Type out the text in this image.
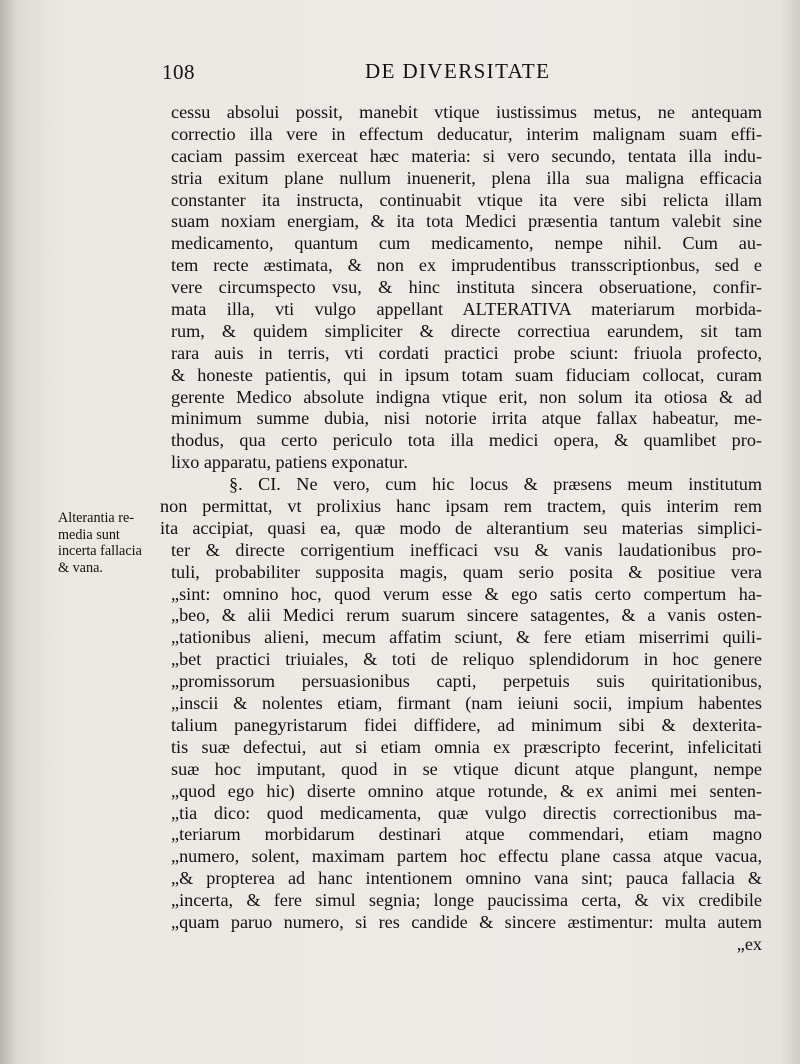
108	DE DIVERSITATE
Alterantia re-
media sunt
incerta fallacia
& vana.
cessu absolui possit, manebit vtique iustissimus metus, ne antequam
correctio illa vere in effectum deducatur, interim malignam suam effi-
caciam passim exerceat hæc materia: si vero secundo, tentata illa indu-
stria exitum plane nullum inuenerit, plena illa sua maligna efficacia
constanter ita instructa, continuabit vtique ita vere sibi relicta illam
suam noxiam energiam, & ita tota Medici præsentia tantum valebit sine
medicamento, quantum cum medicamento, nempe nihil. Cum au-
tem recte æstimata, & non ex imprudentibus transscriptionbus, sed e
vere circumspecto vsu, & hinc instituta sincera obseruatione, confir-
mata illa, vti vulgo appellant ALTERATIVA materiarum morbida-
rum, & quidem simpliciter & directe correctiua earundem, sit tam
rara auis in terris, vti cordati practici probe sciunt: friuola profecto,
& honeste patientis, qui in ipsum totam suam fiduciam collocat, curam
gerente Medico absolute indigna vtique erit, non solum ita otiosa & ad
minimum summe dubia, nisi notorie irrita atque fallax habeatur, me-
thodus, qua certo periculo tota illa medici opera, & quamlibet pro-
lixo apparatu, patiens exponatur.
§. CI. Ne vero, cum hic locus & præsens meum institutum
non permittat, vt prolixius hanc ipsam rem tractem, quis interim rem
ita accipiat, quasi ea, quæ modo de alterantium seu materias simplici-
ter & directe corrigentium inefficaci vsu & vanis laudationibus pro-
tuli, probabiliter supposita magis, quam serio posita & positiue vera
„sint: omnino hoc, quod verum esse & ego satis certo compertum ha-
„beo, & alii Medici rerum suarum sincere satagentes, & a vanis osten-
„tationibus alieni, mecum affatim sciunt, & fere etiam miserrimi quili-
„bet practici triuiales, & toti de reliquo splendidorum in hoc genere
„promissorum persuasionibus capti, perpetuis suis quiritationibus,
„inscii & nolentes etiam, firmant (nam ieiuni socii, impium habentes
talium panegyristarum fidei diffidere, ad minimum sibi & dexterita-
tis suæ defectui, aut si etiam omnia ex præscripto fecerint, infelicitati
suæ hoc imputant, quod in se vtique dicunt atque plangunt, nempe
„quod ego hic) diserte omnino atque rotunde, & ex animi mei senten-
„tia dico: quod medicamenta, quæ vulgo directis correctionibus ma-
„teriarum morbidarum destinari atque commendari, etiam magno
„numero, solent, maximam partem hoc effectu plane cassa atque vacua,
„& propterea ad hanc intentionem omnino vana sint; pauca fallacia &
„incerta, & fere simul segnia; longe paucissima certa, & vix credibile
„quam paruo numero, si res candide & sincere æstimentur: multa autem
„ex
